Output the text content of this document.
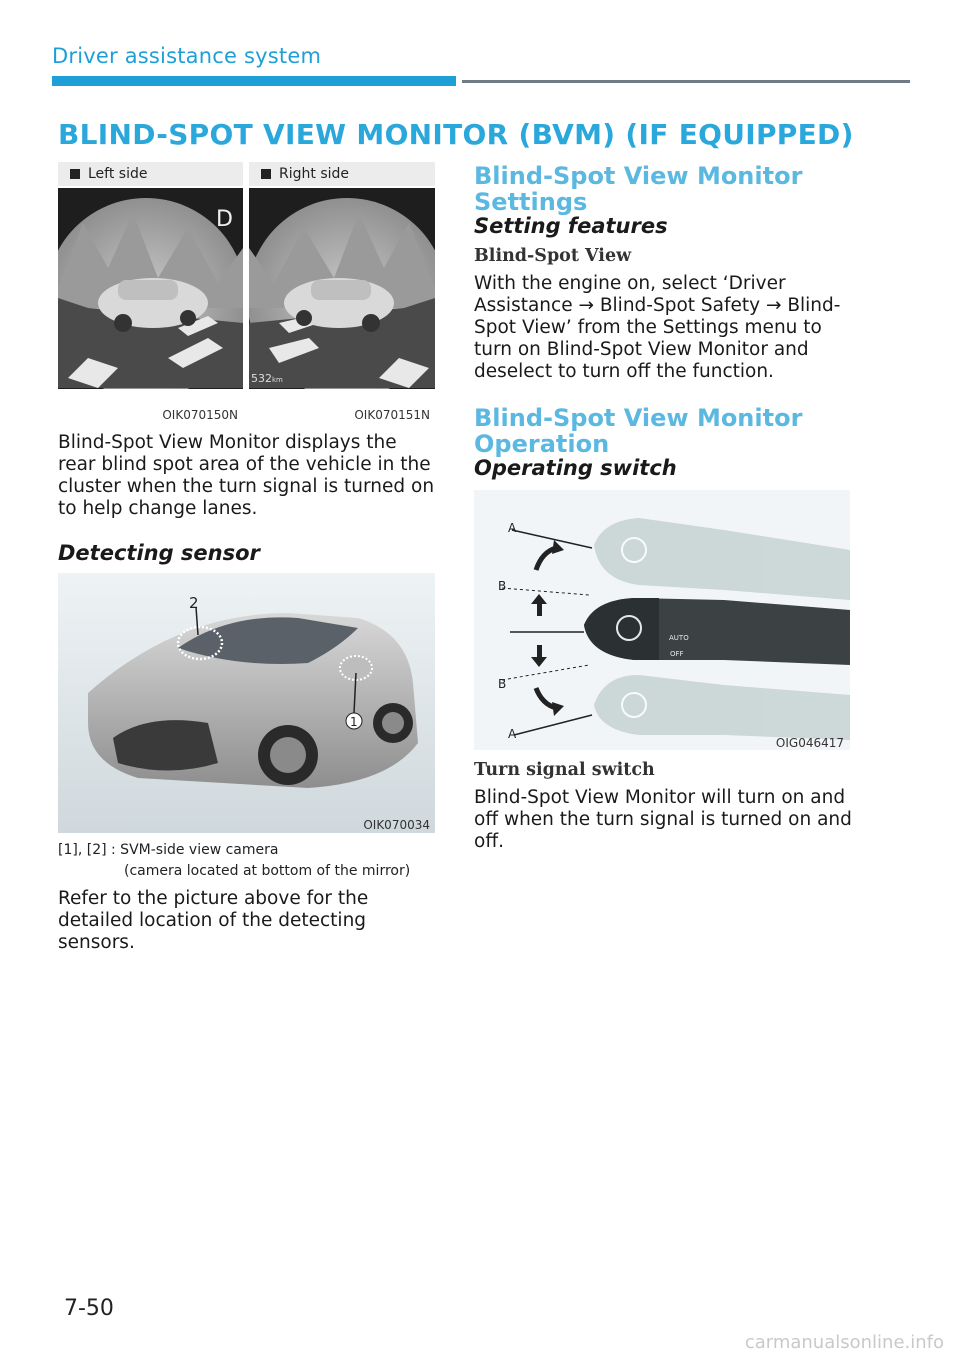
Driver assistance system
BLIND-SPOT VIEW MONITOR (BVM) (IF EQUIPPED)
Left side	Right side
D
532km
OIK070150N	OIK070151N
Blind-Spot View Monitor displays the rear blind spot area of the vehicle in the cluster when the turn signal is turned on to help change lanes.
Detecting sensor
2
1
OIK070034
[1], [2] : SVM-side view camera
(camera located at bottom of the mirror)
Refer to the picture above for the detailed location of the detecting sensors.
Blind-Spot View Monitor Settings
Setting features
Blind-Spot View
With the engine on, select ‘Driver Assistance → Blind-Spot Safety → Blind-Spot View’ from the Settings menu to turn on Blind-Spot View Monitor and deselect to turn off the function.
Blind-Spot View Monitor Operation
Operating switch
AUTO
OFF
A
B
B
A
OIG046417
Turn signal switch
Blind-Spot View Monitor will turn on and off when the turn signal is turned on and off.
7-50
carmanualsonline.info
